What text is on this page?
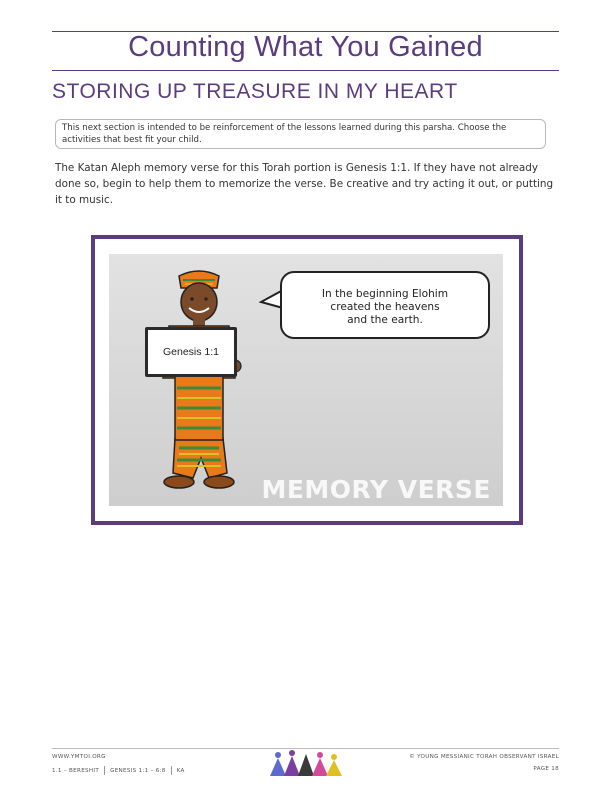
Counting What You Gained
STORING UP TREASURE IN MY HEART
This next section is intended to be reinforcement of the lessons learned during this parsha. Choose the activities that best fit your child.
The Katan Aleph memory verse for this Torah portion is Genesis 1:1. If they have not already done so, begin to help them to memorize the verse. Be creative and try acting it out, or putting it to music.
Genesis 1:1
In the beginning Elohim
created the heavens
and the earth.
MEMORY VERSE
WWW.YMTOI.ORG
1.1 – BERESHIT GENESIS 1:1 – 6:8 KA
© YOUNG MESSIANIC TORAH OBSERVANT ISRAEL
PAGE 18
